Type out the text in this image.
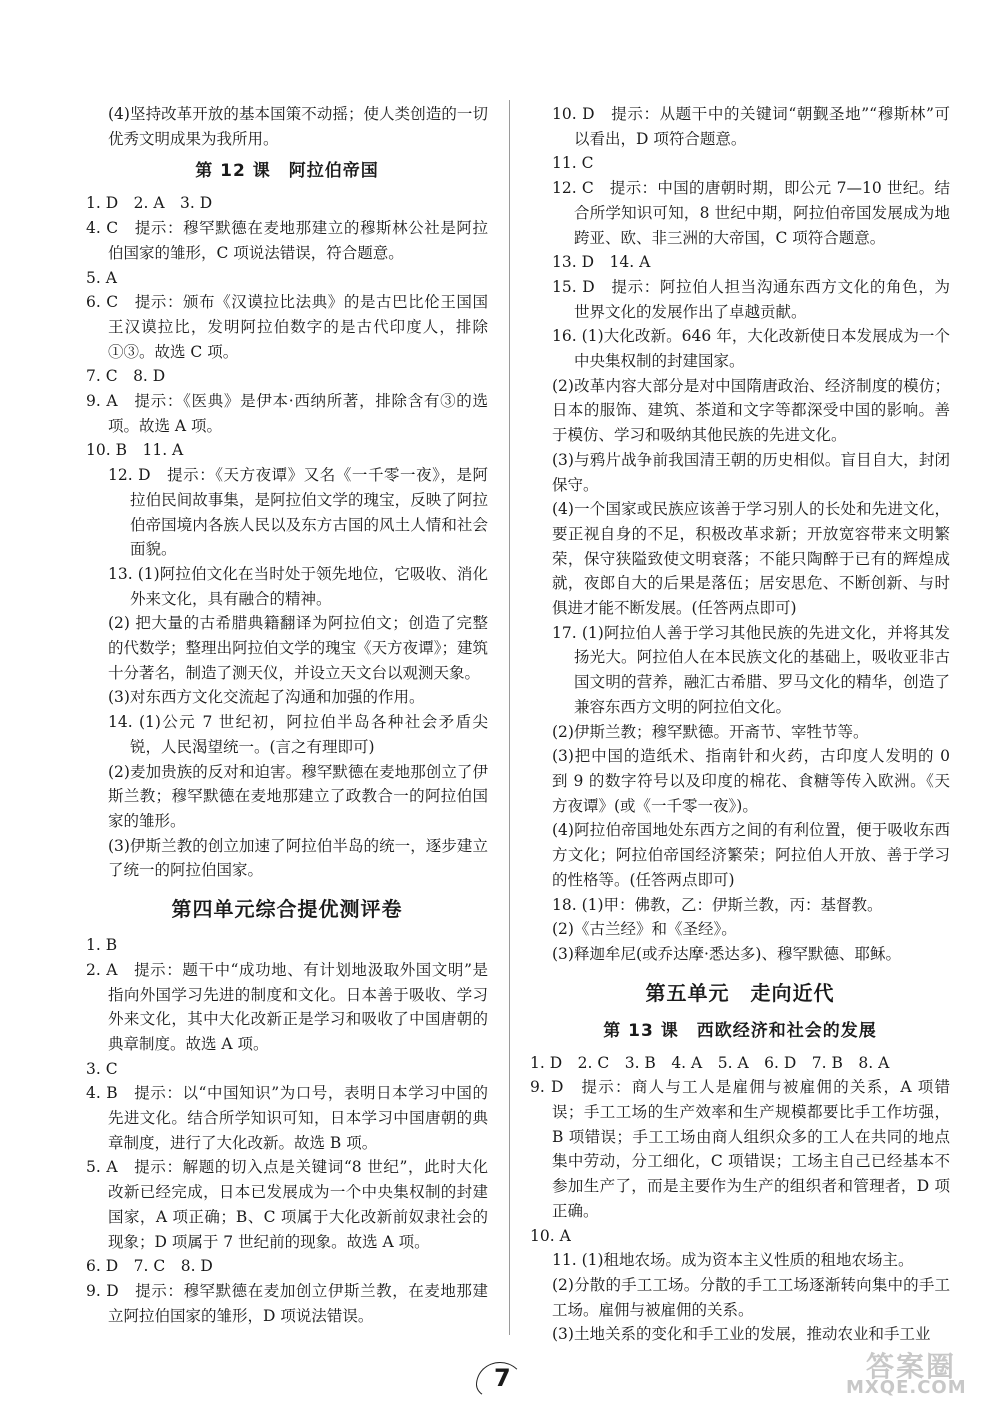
(4)坚持改革开放的基本国策不动摇；使人类创造的一切优秀文明成果为我所用。

第 12 课　阿拉伯帝国

1. D　2. A　3. D

4. C　提示：穆罕默德在麦地那建立的穆斯林公社是阿拉伯国家的雏形，C 项说法错误，符合题意。

5. A

6. C　提示：颁布《汉谟拉比法典》的是古巴比伦王国国王汉谟拉比，发明阿拉伯数字的是古代印度人，排除①③。故选 C 项。

7. C　8. D

9. A　提示：《医典》是伊本·西纳所著，排除含有③的选项。故选 A 项。

10. B　11. A

12. D　提示：《天方夜谭》又名《一千零一夜》，是阿拉伯民间故事集，是阿拉伯文学的瑰宝，反映了阿拉伯帝国境内各族人民以及东方古国的风土人情和社会面貌。

13. (1)阿拉伯文化在当时处于领先地位，它吸收、消化外来文化，具有融合的精神。

(2) 把大量的古希腊典籍翻译为阿拉伯文；创造了完整的代数学；整理出阿拉伯文学的瑰宝《天方夜谭》；建筑十分著名，制造了测天仪，并设立天文台以观测天象。

(3)对东西方文化交流起了沟通和加强的作用。

14. (1)公元 7 世纪初，阿拉伯半岛各种社会矛盾尖锐，人民渴望统一。(言之有理即可)

(2)麦加贵族的反对和迫害。穆罕默德在麦地那创立了伊斯兰教；穆罕默德在麦地那建立了政教合一的阿拉伯国家的雏形。

(3)伊斯兰教的创立加速了阿拉伯半岛的统一，逐步建立了统一的阿拉伯国家。

第四单元综合提优测评卷

1. B

2. A　提示：题干中“成功地、有计划地汲取外国文明”是指向外国学习先进的制度和文化。日本善于吸收、学习外来文化，其中大化改新正是学习和吸收了中国唐朝的典章制度。故选 A 项。

3. C

4. B　提示：以“中国知识”为口号，表明日本学习中国的先进文化。结合所学知识可知，日本学习中国唐朝的典章制度，进行了大化改新。故选 B 项。

5. A　提示：解题的切入点是关键词“8 世纪”，此时大化改新已经完成，日本已发展成为一个中央集权制的封建国家，A 项正确；B、C 项属于大化改新前奴隶社会的现象；D 项属于 7 世纪前的现象。故选 A 项。

6. D　7. C　8. D

9. D　提示：穆罕默德在麦加创立伊斯兰教，在麦地那建立阿拉伯国家的雏形，D 项说法错误。

10. D　提示：从题干中的关键词“朝觐圣地”“穆斯林”可以看出，D 项符合题意。

11. C

12. C　提示：中国的唐朝时期，即公元 7—10 世纪。结合所学知识可知，8 世纪中期，阿拉伯帝国发展成为地跨亚、欧、非三洲的大帝国，C 项符合题意。

13. D　14. A

15. D　提示：阿拉伯人担当沟通东西方文化的角色，为世界文化的发展作出了卓越贡献。

16. (1)大化改新。646 年，大化改新使日本发展成为一个中央集权制的封建国家。

(2)改革内容大部分是对中国隋唐政治、经济制度的模仿；日本的服饰、建筑、茶道和文字等都深受中国的影响。善于模仿、学习和吸纳其他民族的先进文化。

(3)与鸦片战争前我国清王朝的历史相似。盲目自大，封闭保守。

(4)一个国家或民族应该善于学习别人的长处和先进文化，要正视自身的不足，积极改革求新；开放宽容带来文明繁荣，保守狭隘致使文明衰落；不能只陶醉于已有的辉煌成就，夜郎自大的后果是落伍；居安思危、不断创新、与时俱进才能不断发展。(任答两点即可)

17. (1)阿拉伯人善于学习其他民族的先进文化，并将其发扬光大。阿拉伯人在本民族文化的基础上，吸收亚非古国文明的营养，融汇古希腊、罗马文化的精华，创造了兼容东西方文明的阿拉伯文化。

(2)伊斯兰教；穆罕默德。开斋节、宰牲节等。

(3)把中国的造纸术、指南针和火药，古印度人发明的 0 到 9 的数字符号以及印度的棉花、食糖等传入欧洲。《天方夜谭》(或《一千零一夜》)。

(4)阿拉伯帝国地处东西方之间的有利位置，便于吸收东西方文化；阿拉伯帝国经济繁荣；阿拉伯人开放、善于学习的性格等。(任答两点即可)

18. (1)甲：佛教，乙：伊斯兰教，丙：基督教。

(2)《古兰经》和《圣经》。

(3)释迦牟尼(或乔达摩·悉达多)、穆罕默德、耶稣。

第五单元　走向近代
第 13 课　西欧经济和社会的发展

1. D　2. C　3. B　4. A　5. A　6. D　7. B　8. A

9. D　提示：商人与工人是雇佣与被雇佣的关系，A 项错误；手工工场的生产效率和生产规模都要比手工作坊强，B 项错误；手工工场由商人组织众多的工人在共同的地点集中劳动，分工细化，C 项错误；工场主自己已经基本不参加生产了，而是主要作为生产的组织者和管理者，D 项正确。

10. A

11. (1)租地农场。成为资本主义性质的租地农场主。

(2)分散的手工工场。分散的手工工场逐渐转向集中的手工工场。雇佣与被雇佣的关系。

(3)土地关系的变化和手工业的发展，推动农业和手工业

7	答案圈
MXQE.COM
